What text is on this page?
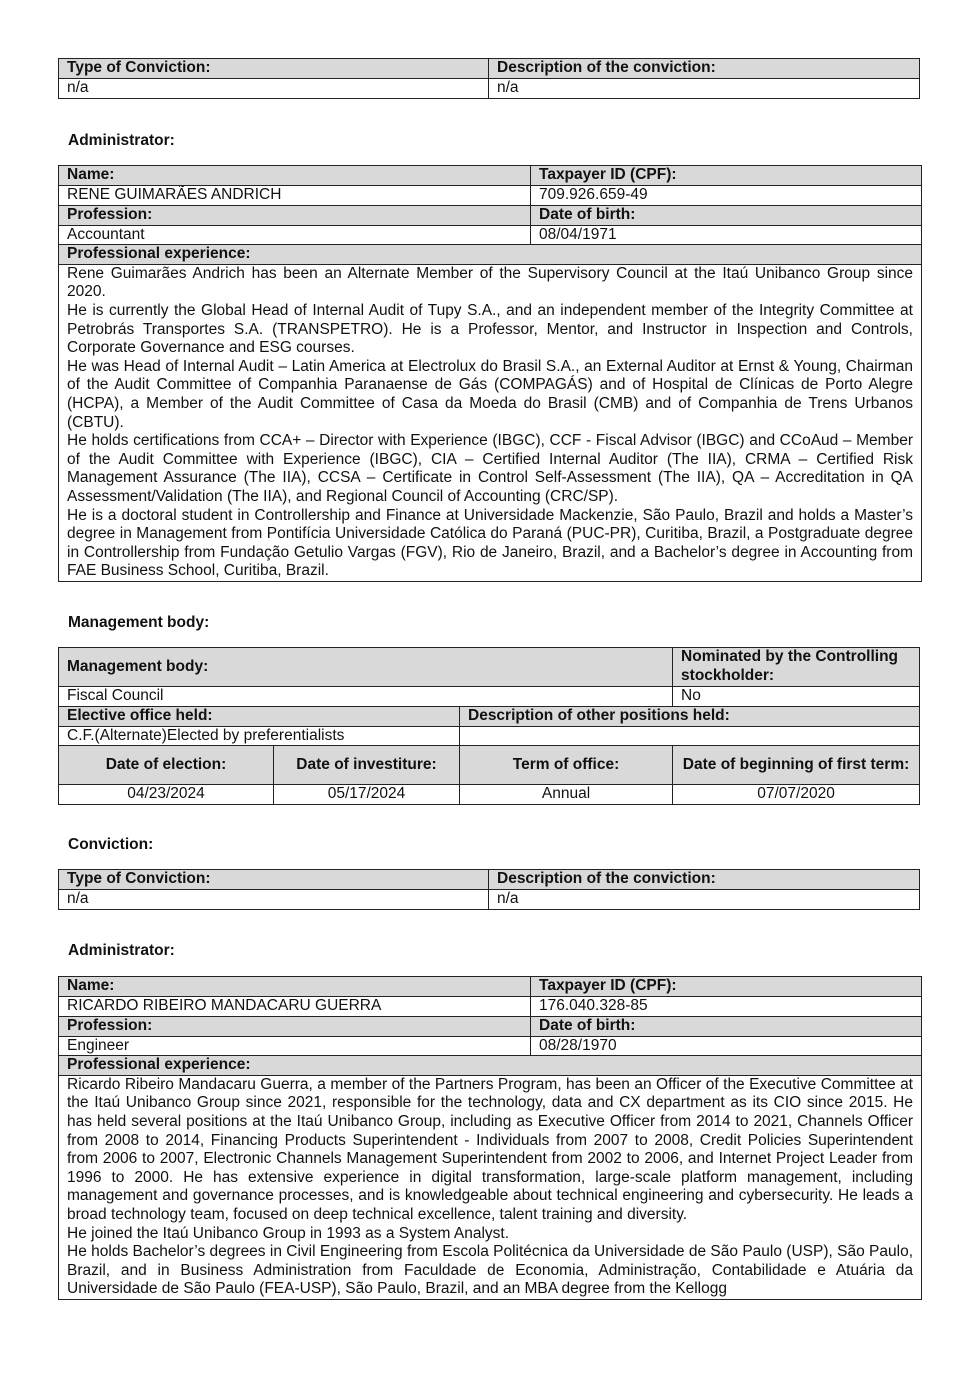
Type of Conviction:	Description of the conviction:
n/a	n/a
Administrator:
Name:	Taxpayer ID (CPF):
RENE GUIMARÃES ANDRICH	709.926.659-49
Profession:	Date of birth:
Accountant	08/04/1971
Professional experience:	

Rene Guimarães Andrich has been an Alternate Member of the Supervisory Council at the Itaú Unibanco Group since 2020.
He is currently the Global Head of Internal Audit of Tupy S.A., and an independent member of the Integrity Committee at Petrobrás Transportes S.A. (TRANSPETRO). He is a Professor, Mentor, and Instructor in Inspection and Controls, Corporate Governance and ESG courses.
He was Head of Internal Audit – Latin America at Electrolux do Brasil S.A., an External Auditor at Ernst & Young, Chairman of the Audit Committee of Companhia Paranaense de Gás (COMPAGÁS) and of Hospital de Clínicas de Porto Alegre (HCPA), a Member of the Audit Committee of Casa da Moeda do Brasil (CMB) and of Companhia de Trens Urbanos (CBTU).
He holds certifications from CCA+ – Director with Experience (IBGC), CCF - Fiscal Advisor (IBGC) and CCoAud – Member of the Audit Committee with Experience (IBGC), CIA – Certified Internal Auditor (The IIA), CRMA – Certified Risk Management Assurance (The IIA), CCSA – Certificate in Control Self-Assessment (The IIA), QA – Accreditation in QA Assessment/Validation (The IIA), and Regional Council of Accounting (CRC/SP).
He is a doctoral student in Controllership and Finance at Universidade Mackenzie, São Paulo, Brazil and holds a Master’s degree in Management from Pontifícia Universidade Católica do Paraná (PUC-PR), Curitiba, Brazil, a Postgraduate degree in Controllership from Fundação Getulio Vargas (FGV), Rio de Janeiro, Brazil, and a Bachelor’s degree in Accounting from FAE Business School, Curitiba, Brazil.	
Management body:
Management body:			Nominated by the Controlling stockholder:
Fiscal Council			No
Elective office held:		Description of other positions held:	
C.F.(Alternate)Elected by preferentialists			
Date of election:	Date of investiture:	Term of office:	Date of beginning of first term:
04/23/2024	05/17/2024	Annual	07/07/2020
Conviction:
Type of Conviction:	Description of the conviction:
n/a	n/a
Administrator:
Name:	Taxpayer ID (CPF):
RICARDO RIBEIRO MANDACARU GUERRA	176.040.328-85
Profession:	Date of birth:
Engineer	08/28/1970
Professional experience:	

Ricardo Ribeiro Mandacaru Guerra, a member of the Partners Program, has been an Officer of the Executive Committee at the Itaú Unibanco Group since 2021, responsible for the technology, data and CX department as its CIO since 2015. He has held several positions at the Itaú Unibanco Group, including as Executive Officer from 2014 to 2021, Channels Officer from 2008 to 2014, Financing Products Superintendent - Individuals from 2007 to 2008, Credit Policies Superintendent from 2006 to 2007, Electronic Channels Management Superintendent from 2002 to 2006, and Internet Project Leader from 1996 to 2000. He has extensive experience in digital transformation, large-scale platform management, including management and governance processes, and is knowledgeable about technical engineering and cybersecurity. He leads a broad technology team, focused on deep technical excellence, talent training and diversity.
He joined the Itaú Unibanco Group in 1993 as a System Analyst.
He holds Bachelor’s degrees in Civil Engineering from Escola Politécnica da Universidade de São Paulo (USP), São Paulo, Brazil, and in Business Administration from Faculdade de Economia, Administração, Contabilidade e Atuária da Universidade de São Paulo (FEA-USP), São Paulo, Brazil, and an MBA degree from the Kellogg	
